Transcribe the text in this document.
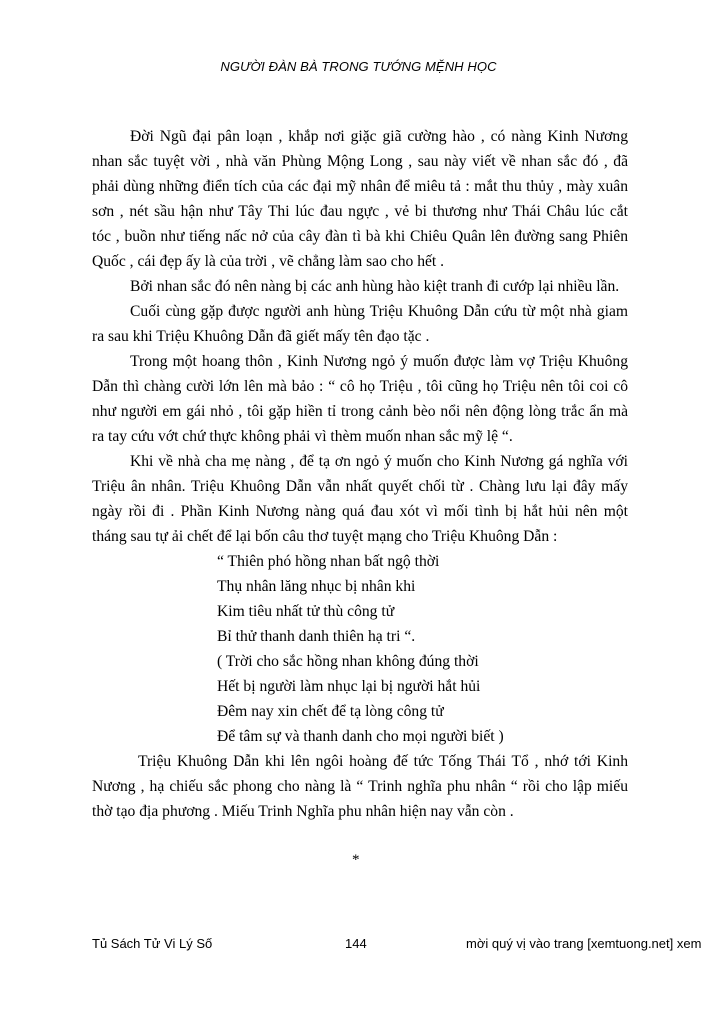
NGƯỜI ĐÀN BÀ TRONG TƯỚNG MỆNH HỌC
Đời Ngũ đại pân loạn , khắp nơi giặc giã cường hào , có nàng Kinh Nương
nhan sắc tuyệt vời , nhà văn Phùng Mộng Long , sau này viết về nhan sắc đó , đã
phải dùng những điển tích của các đại mỹ nhân để miêu tả : mắt thu thủy , mày xuân
sơn , nét sầu hận như Tây Thi lúc đau ngực , vẻ bi thương như Thái Châu lúc cắt
tóc , buồn như tiếng nấc nở của cây đàn tì bà khi Chiêu Quân lên đường sang Phiên
Quốc , cái đẹp ấy là của trời , vẽ chẳng làm sao cho hết .
Bởi nhan sắc đó nên nàng bị các anh hùng hào kiệt tranh đi cướp lại nhiều lần.
Cuối cùng gặp được người anh hùng Triệu Khuông Dẫn cứu từ một nhà giam
ra sau khi Triệu Khuông Dẫn đã giết mấy tên đạo tặc .
Trong một hoang thôn , Kinh Nương ngỏ ý muốn được làm vợ Triệu Khuông
Dẫn thì chàng cười lớn lên mà bảo : “ cô họ Triệu , tôi cũng họ Triệu nên tôi coi cô
như người em gái nhỏ , tôi gặp hiền tỉ trong cảnh bèo nổi nên động lòng trắc ẩn mà
ra tay cứu vớt chứ thực không phải vì thèm muốn nhan sắc mỹ lệ “.
Khi về nhà cha mẹ nàng , để tạ ơn ngỏ ý muốn cho Kinh Nương gá nghĩa với
Triệu ân nhân. Triệu Khuông Dẫn vẫn nhất quyết chối từ . Chàng lưu lại đây mấy
ngày rồi đi . Phần Kinh Nương nàng quá đau xót vì mối tình bị hắt hủi nên một
tháng sau tự ải chết để lại bốn câu thơ tuyệt mạng cho Triệu Khuông Dẫn :
“ Thiên phó hồng nhan bất ngộ thời
Thụ nhân lăng nhục bị nhân khi
Kim tiêu nhất tử thù công tử
Bỉ thử thanh danh thiên hạ tri “.
( Trời cho sắc hồng nhan không đúng thời
Hết bị người làm nhục lại bị người hắt hủi
Đêm nay xin chết để tạ lòng công tử
Để tâm sự và thanh danh cho mọi người biết )
Triệu Khuông Dẫn khi lên ngôi hoàng đế tức Tống Thái Tổ , nhớ tới Kinh
Nương , hạ chiếu sắc phong cho nàng là “ Trinh nghĩa phu nhân “ rồi cho lập miếu
thờ tạo địa phương . Miếu Trinh Nghĩa phu nhân hiện nay vẫn còn .
*
Tủ Sách Tử Vi Lý Số	144	mời quý vị vào trang [xemtuong.net] xem
